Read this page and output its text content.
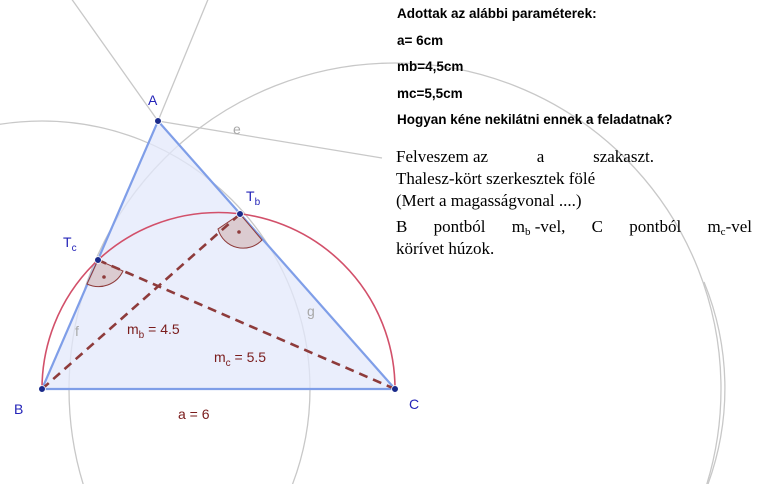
A
B	C
$T_b$
$T_c$
e
f
g
a = 6
$m_b = 4.5$
$m_c = 5.5$
Adottak az alábbi paraméterek:
a= 6cm
mb=4,5cm
mc=5,5cm
Hogyan kéne nekilátni ennek a feladatnak?
Felveszem az	a	szakaszt.
Thalesz-kört szerkesztek fölé
(Mert a magasságvonal ....)
B pontból $m_b$ -vel, C pontból $m_c$-vel
körívet húzok.
